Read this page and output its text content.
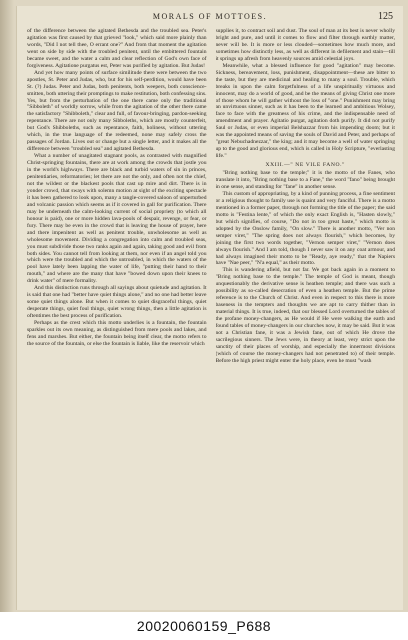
MORALS OF MOTTOES.	125

of the difference between the agitated Bethesda and the troubled sea. Peter's agitation was first caused by that grieved "look," which said more plainly than words, "Did I not tell thee, O errant one?" And from that moment the agitation went on side by side with the troubled penitent, until the embittered fountain became sweet, and the water a calm and clear reflection of God's own face of forgiveness. Agitatione purgatus est, Peter was purified by agitation. But Judas!

And yet how many points of surface similitude there were between the two apostles, St. Peter and Judas, who, but for his self-perdition, would have been St. (?) Judas. Peter and Judas, both penitents, both weepers, both conscience-smitten, both uttering their promptings to make restitution, both confessing sins. Yes, but from the perturbation of the one there came only the traditional "Sibboleth" of worldly sorrow, while from the agitation of the other there came the satisfactory "Shibboleth," clear and full, of favour-bringing, pardon-seeking repentance. There are not only many Sibboleths, which are mostly counterfeit, but God's Shibboleths, such as repentance, faith, holiness, without uttering which, in the true language of the redeemed, none may safely cross the passages of Jordan. Lives out or change but a single letter, and it makes all the difference between "troubled sea" and agitated Bethesda.

What a number of unagitated stagnant pools, as contrasted with magnified Christ-springing fountains, there are at work among the crowds that jostle you in the world's highways. There are black and turbid waters of sin in princes, penitentiaries, reformatories; let there are not the only, and often not the chief, not the wildest or the blackest pools that cast up mire and dirt. There is in yonder crowd, that sways with solemn motion at sight of the exciting spectacle it has been gathered to look upon, many a tangle-covered saloon of unperturbed and volcanic passion which seems as if it covered in gall for purification. There may be underneath the calm-looking current of social propriety (to which all honour is paid), one or more hidden lava-pools of despair, revenge, or fear, or fury. There may be even in the crowd that is leaving the house of prayer, here and there impenitent as well as penitent trouble, unwholesome as well as wholesome movement. Dividing a congregation into calm and troubled seas, you must subdivide those two ranks again and again, taking good and evil from both sides. You cannot tell from looking at them, nor even if an angel told you which were the troubled and which the untroubled, in which the waters of the pool have lately been lapping the water of life, "putting their hand to their mouth," and where are the many that have "bowed down upon their knees to drink water" of mere formality.

And this distinction runs through all sayings about quietude and agitation. It is said that one had "better have quiet things alone," and no one had better leave some quiet things alone. But when it comes to quiet disgraceful things, quiet desperate things, quiet foul things, quiet wrong things, then a little agitation is oftentimes the best process of purification.

Perhaps as the crest which this motto underlies is a fountain, the fountain sparkles out its own meaning, as distinguished from mere pools and lakes, and fens and marshes. But either, the fountain being itself clear, the motto refers to the source of the fountain, or else the fountain is liable, like the reservoir which

supplies it, to contract soil and dust. The soul of man at its best is never wholly bright and pure, and until it comes to flow and filter through earthly matter, never will be. It is more or less clouded—sometimes how much more, and sometimes how distinctly less, as well as different in defilement and stain—till it springs up afresh from heavenly sources amid celestial joys.

Meanwhile, what a blessed influence for good "agitation" may become. Sickness, bereavement, loss, punishment, disappointment—these are bitter to the taste, but they are medicinal and healing to many a soul. Trouble, which breaks in upon the calm forgetfulness of a life unspiritually virtuous and innocent, may do a world of good, and be the means of giving Christ one more of those whom he will gather without the loss of "one." Punishment may bring an unvirtuous sinner, such as it has been to the learned and ambitious Wolsey, face to face with the greatness of his crime, and the indispensable need of amendment and prayer. Agitatio purgat, agitation doth purify. It did not purify Saul or Judas, or even imperial Belshazzar from his impending doom; but it was the appointed means of saving the souls of David and Peter, and perhaps of "great Nebuchadnezzar," the king; and it may become a well of water springing up to the good and glorious end, which is called in Holy Scripture, "everlasting life."

XXIII.—" NE VILE FANO."

"Bring nothing base to the temple;" it is the motto of the Fanes, who translate it into, "Bring nothing base to a Fane," the word "fano" being brought in one sense, and standing for "fane" in another sense.

This custom of appropriating, by a kind of punning process, a fine sentiment or a religious thought to family use is quaint and very fanciful. There is a motto mentioned in a former paper, through not forming the title of the paper; the said motto is "Festina lente," of which the only exact English is, "Hasten slowly," but which signifies, of course, "Do not in too great haste," which motto is adopted by the Onslow family, "On slow." There is another motto, "Ver non semper viret," "The spring does not always flourish," which becomes, by joining the first two words together, "Vernon semper viret," "Vernon does always flourish." And I am told, though I never saw it on any coat armour, and had always imagined their motto to be "Ready, aye ready," that the Napiers have "Nae peer," "N'a equal," as their motto.

This is wandering afield, but not far. We got back again in a moment to "Bring nothing base to the temple." The temple of God is meant, though unquestionably the derivative sense is heathen temple; and there was such a possibility as so-called desecration of even a heathen temple. But the prime reference is to the Church of Christ. And even in respect to this there is more baseness in the tempters and thoughts we are apt to carry thither than in material things. It is true, indeed, that our blessed Lord overturned the tables of the profane money-changers, as He would if He were walking the earth and found tables of money-changers in our churches now, it may be said. But it was not a Christian fane, it was a Jewish fane, out of which He drove the sacrilegious sinners. The Jews were, in theory at least, very strict upon the sanctity of their places of worship, and especially the innermost divisions (which of course the money-changers had not penetrated to) of their temple. Before the high priest might enter the holy place, even he must "wash

20020060159_P688
